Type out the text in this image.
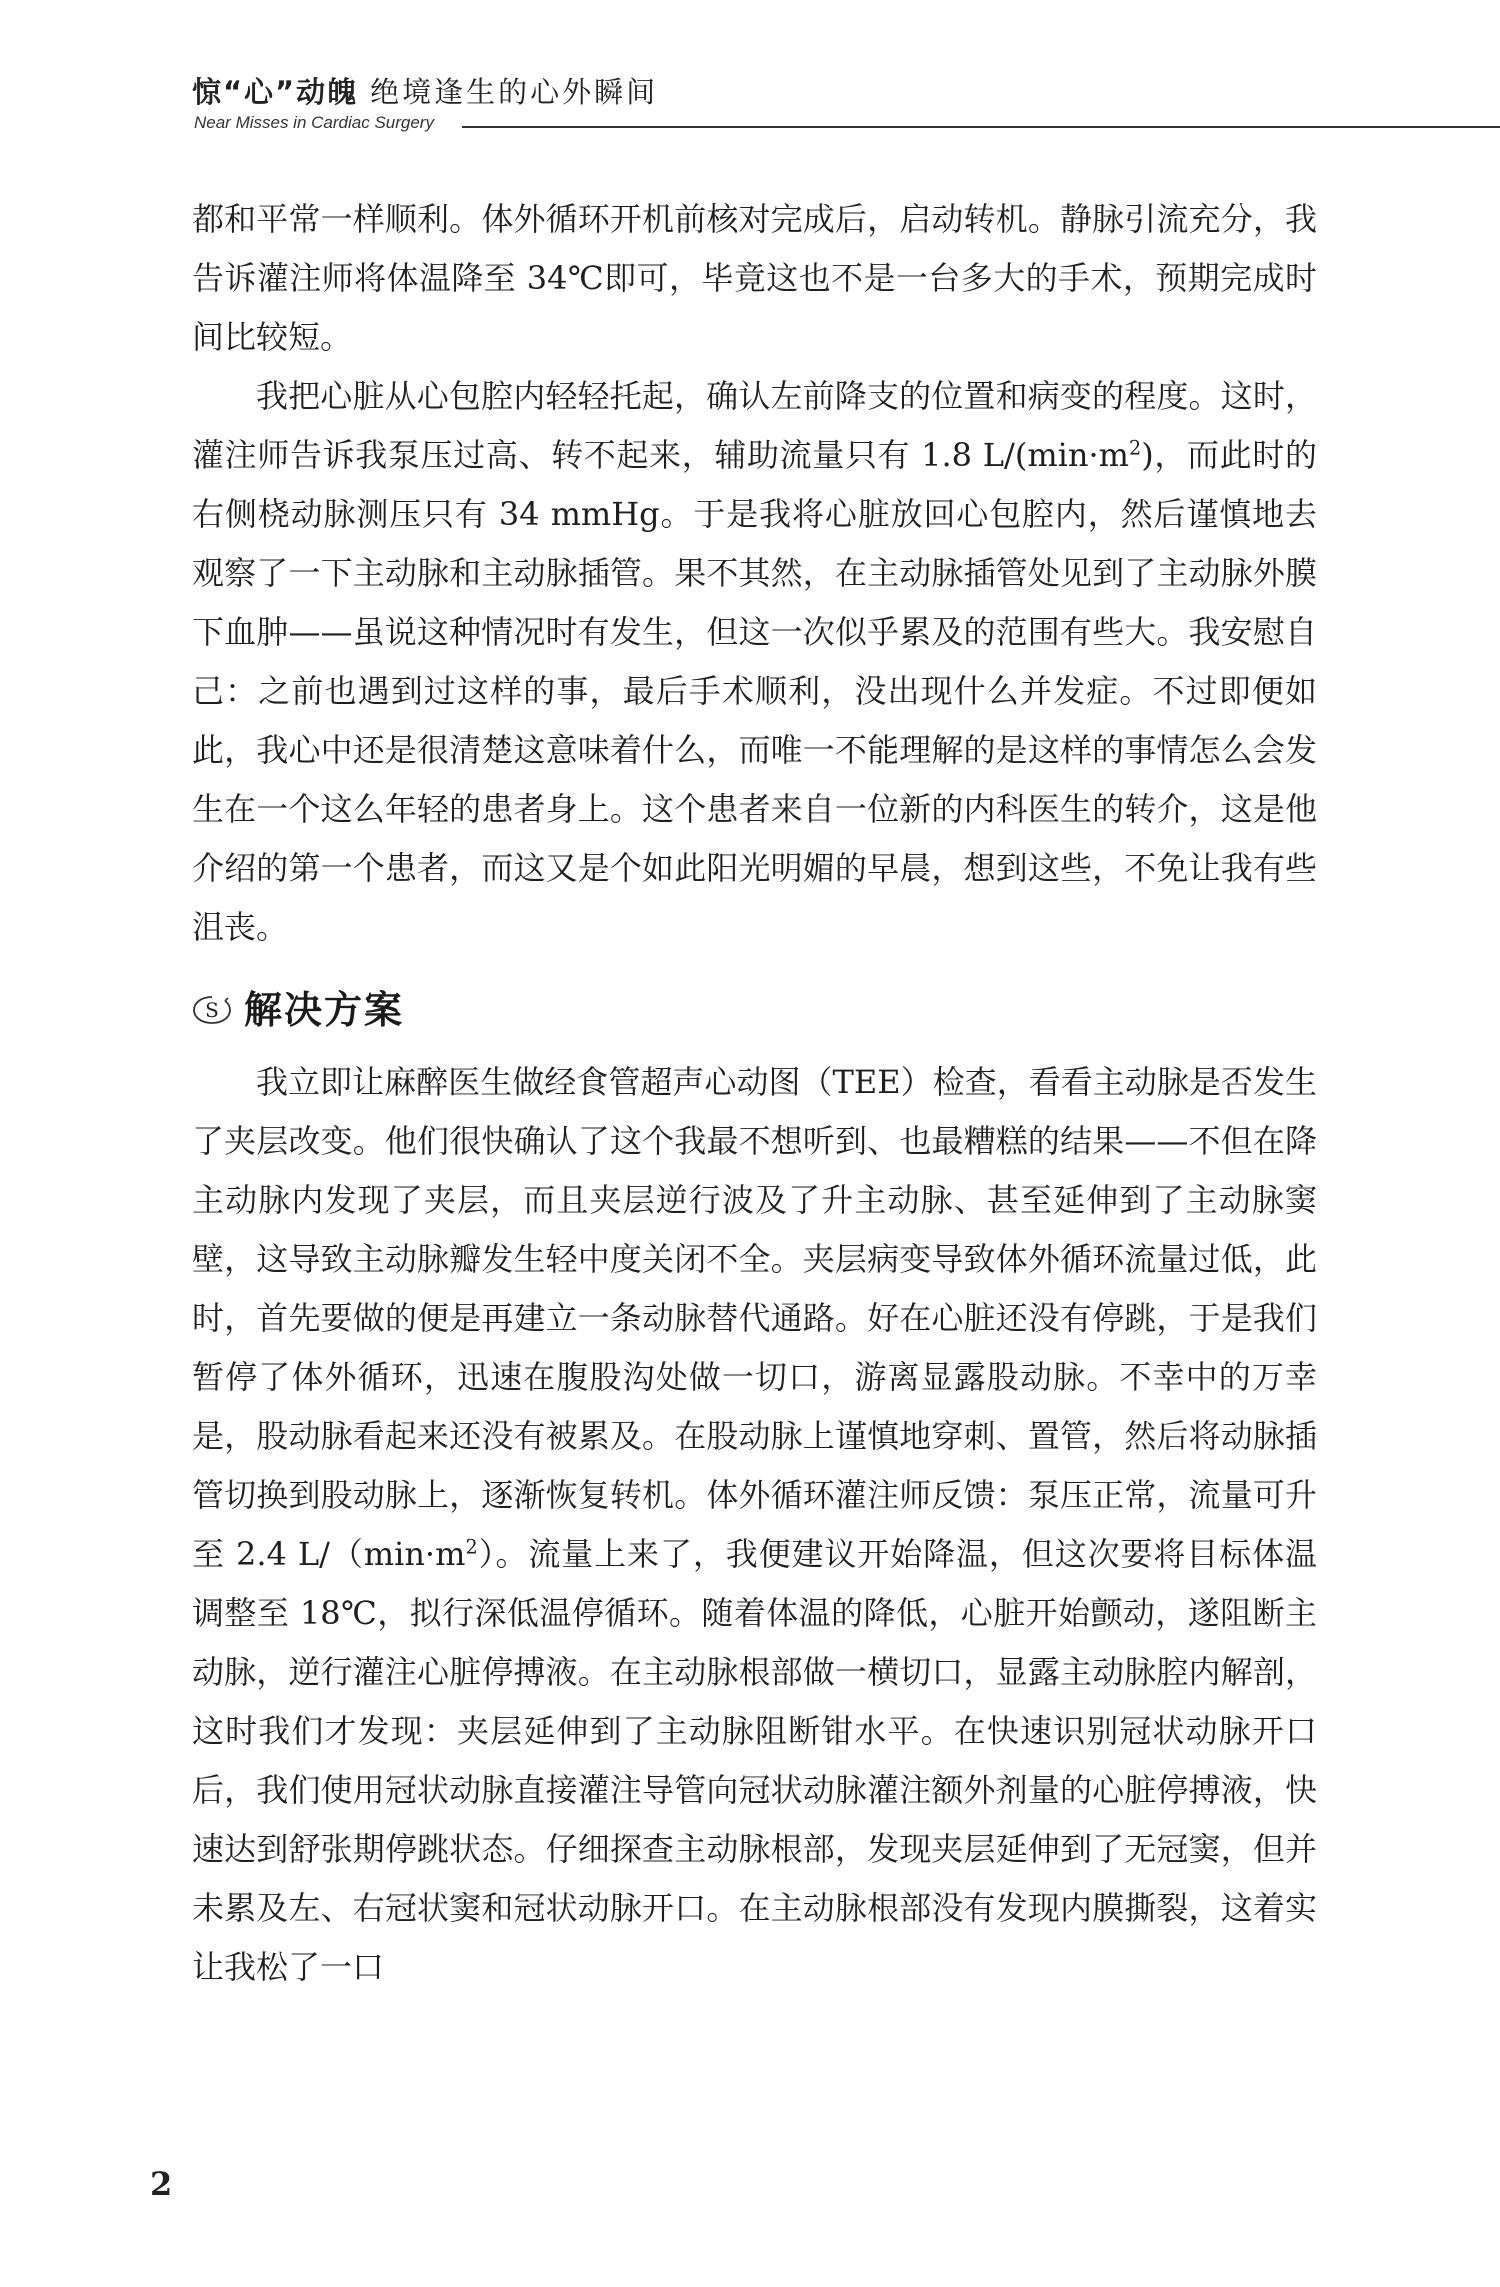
惊“心”动魄 绝境逢生的心外瞬间
Near Misses in Cardiac Surgery

都和平常一样顺利。体外循环开机前核对完成后，启动转机。静脉引流充分，我告诉灌注师将体温降至 34℃即可，毕竟这也不是一台多大的手术，预期完成时间比较短。

我把心脏从心包腔内轻轻托起，确认左前降支的位置和病变的程度。这时，灌注师告诉我泵压过高、转不起来，辅助流量只有 1.8 $L/(\min\cdot m^2)$，而此时的右侧桡动脉测压只有 34 mmHg。于是我将心脏放回心包腔内，然后谨慎地去观察了一下主动脉和主动脉插管。果不其然，在主动脉插管处见到了主动脉外膜下血肿——虽说这种情况时有发生，但这一次似乎累及的范围有些大。我安慰自己：之前也遇到过这样的事，最后手术顺利，没出现什么并发症。不过即便如此，我心中还是很清楚这意味着什么，而唯一不能理解的是这样的事情怎么会发生在一个这么年轻的患者身上。这个患者来自一位新的内科医生的转介，这是他介绍的第一个患者，而这又是个如此阳光明媚的早晨，想到这些，不免让我有些沮丧。

S 解决方案

我立即让麻醉医生做经食管超声心动图（TEE）检查，看看主动脉是否发生了夹层改变。他们很快确认了这个我最不想听到、也最糟糕的结果——不但在降主动脉内发现了夹层，而且夹层逆行波及了升主动脉、甚至延伸到了主动脉窦壁，这导致主动脉瓣发生轻中度关闭不全。夹层病变导致体外循环流量过低，此时，首先要做的便是再建立一条动脉替代通路。好在心脏还没有停跳，于是我们暂停了体外循环，迅速在腹股沟处做一切口，游离显露股动脉。不幸中的万幸是，股动脉看起来还没有被累及。在股动脉上谨慎地穿刺、置管，然后将动脉插管切换到股动脉上，逐渐恢复转机。体外循环灌注师反馈：泵压正常，流量可升至 2.4 $L/(\min\cdot m^2)$。流量上来了，我便建议开始降温，但这次要将目标体温调整至 18℃，拟行深低温停循环。随着体温的降低，心脏开始颤动，遂阻断主动脉，逆行灌注心脏停搏液。在主动脉根部做一横切口，显露主动脉腔内解剖，这时我们才发现：夹层延伸到了主动脉阻断钳水平。在快速识别冠状动脉开口后，我们使用冠状动脉直接灌注导管向冠状动脉灌注额外剂量的心脏停搏液，快速达到舒张期停跳状态。仔细探查主动脉根部，发现夹层延伸到了无冠窦，但并未累及左、右冠状窦和冠状动脉开口。在主动脉根部没有发现内膜撕裂，这着实让我松了一口

2
